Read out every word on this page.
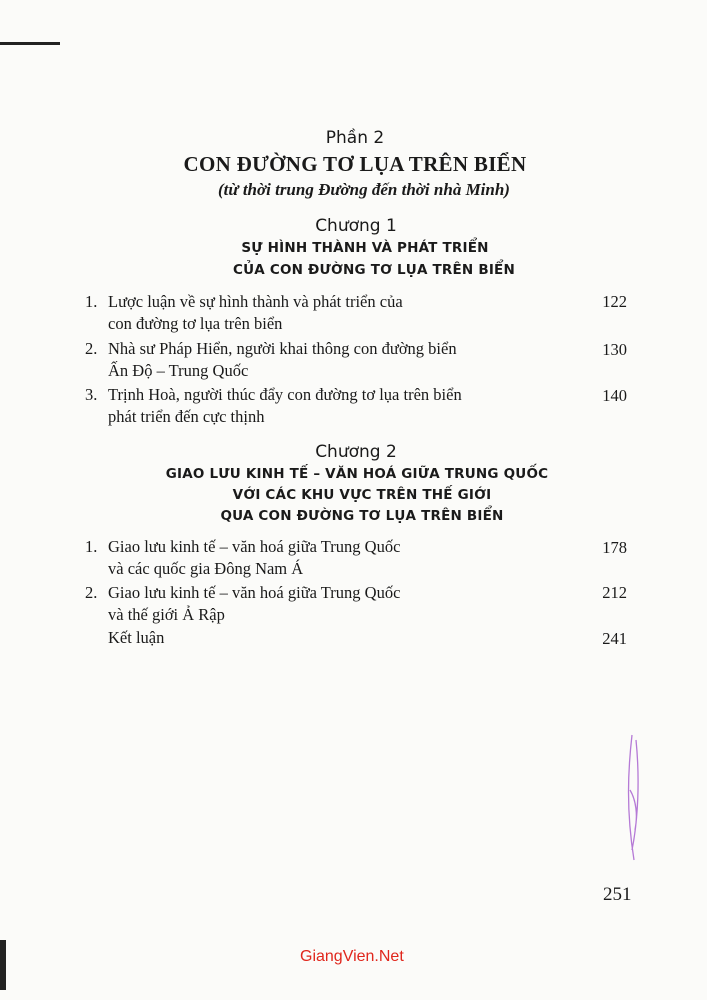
Phần 2
CON ĐƯỜNG TƠ LỤA TRÊN BIỂN
(từ thời trung Đường đến thời nhà Minh)
Chương 1
SỰ HÌNH THÀNH VÀ PHÁT TRIỂN
CỦA CON ĐƯỜNG TƠ LỤA TRÊN BIỂN
1. Lược luận về sự hình thành và phát triển của
con đường tơ lụa trên biển
122
2. Nhà sư Pháp Hiển, người khai thông con đường biển
Ấn Độ – Trung Quốc
130
3. Trịnh Hoà, người thúc đẩy con đường tơ lụa trên biển
phát triển đến cực thịnh
140
Chương 2
GIAO LƯU KINH TẾ – VĂN HOÁ GIỮA TRUNG QUỐC
VỚI CÁC KHU VỰC TRÊN THẾ GIỚI
QUA CON ĐƯỜNG TƠ LỤA TRÊN BIỂN
1. Giao lưu kinh tế – văn hoá giữa Trung Quốc
và các quốc gia Đông Nam Á
178
2. Giao lưu kinh tế – văn hoá giữa Trung Quốc
và thế giới Ả Rập
212
Kết luận	241
251
GiangVien.Net
